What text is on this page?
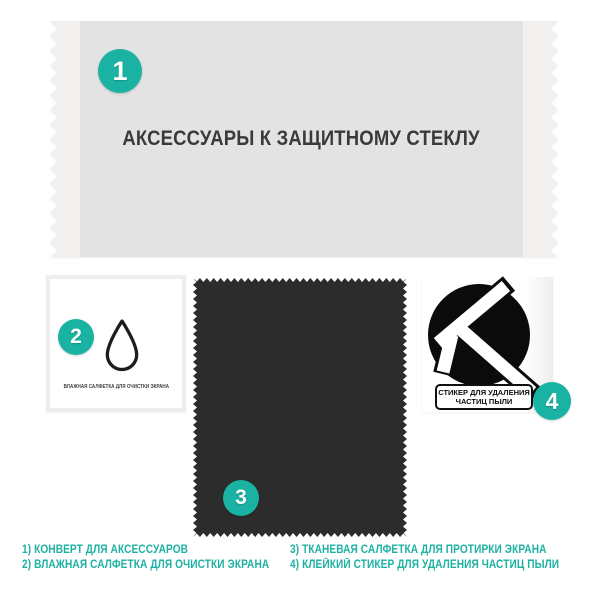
АКСЕССУАРЫ К ЗАЩИТНОМУ СТЕКЛУ
ВЛАЖНАЯ САЛФЕТКА ДЛЯ ОЧИСТКИ ЭКРАНА
СТИКЕР ДЛЯ УДАЛЕНИЯ
ЧАСТИЦ ПЫЛИ
1
2
3
4
1) КОНВЕРТ ДЛЯ АКСЕССУАРОВ
2) ВЛАЖНАЯ САЛФЕТКА ДЛЯ ОЧИСТКИ ЭКРАНА
3) ТКАНЕВАЯ САЛФЕТКА ДЛЯ ПРОТИРКИ ЭКРАНА
4) КЛЕЙКИЙ СТИКЕР ДЛЯ УДАЛЕНИЯ ЧАСТИЦ ПЫЛИ
